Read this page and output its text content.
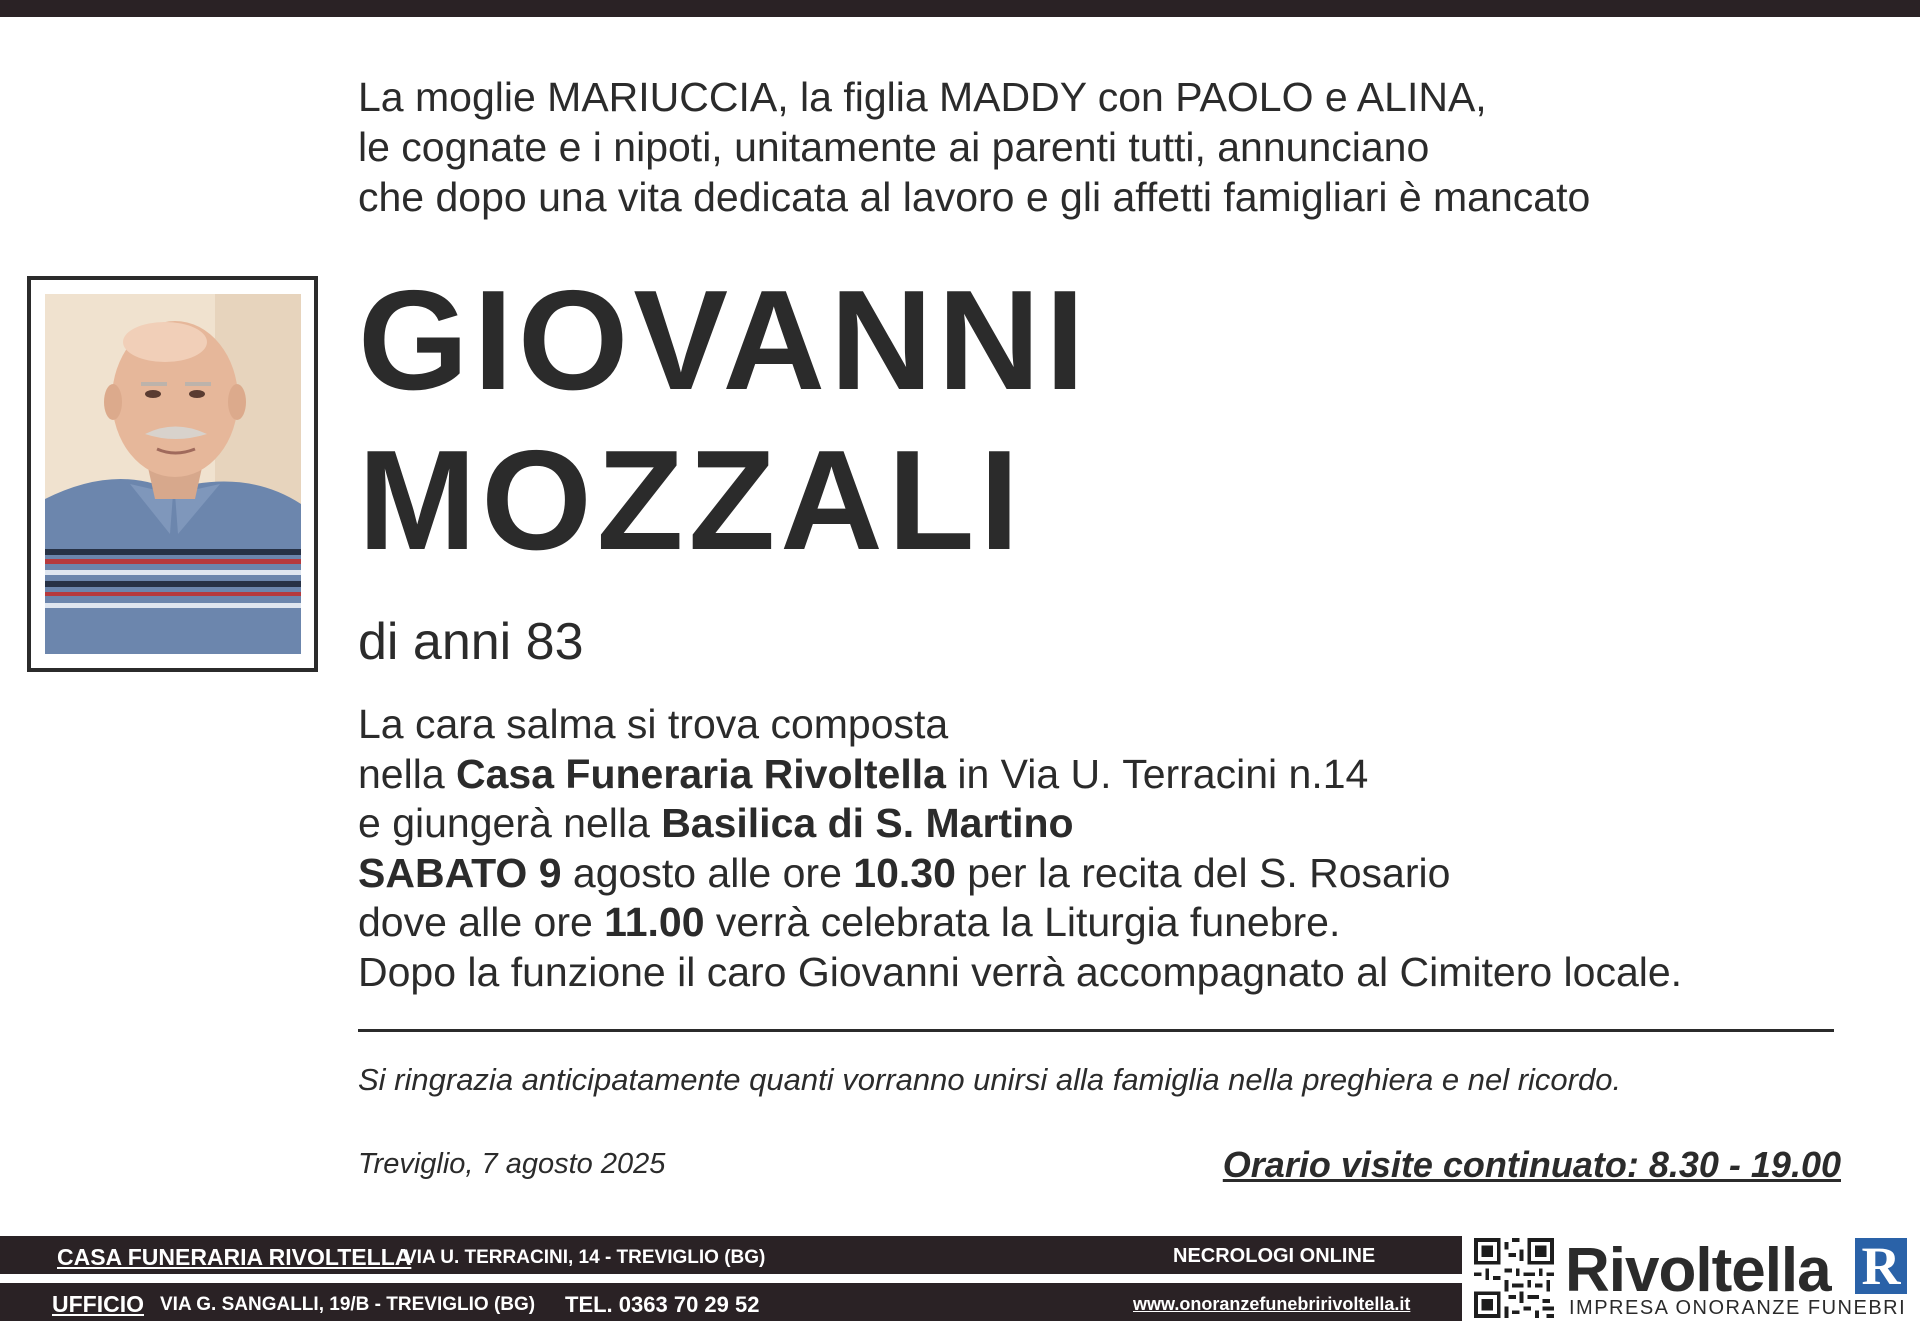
La moglie MARIUCCIA, la figlia MADDY con PAOLO e ALINA,
le cognate e i nipoti, unitamente ai parenti tutti, annunciano
che dopo una vita dedicata al lavoro e gli affetti famigliari è mancato
GIOVANNI
MOZZALI
di anni 83
La cara salma si trova composta
nella Casa Funeraria Rivoltella in Via U. Terracini n.14
e giungerà nella Basilica di S. Martino
SABATO 9 agosto alle ore 10.30 per la recita del S. Rosario
dove alle ore 11.00 verrà celebrata la Liturgia funebre.
Dopo la funzione il caro Giovanni verrà accompagnato al Cimitero locale.
Si ringrazia anticipatamente quanti vorranno unirsi alla famiglia nella preghiera e nel ricordo.
Treviglio, 7 agosto 2025	Orario visite continuato: 8.30 - 19.00
CASA FUNERARIA RIVOLTELLA
VIA U. TERRACINI, 14 - TREVIGLIO (BG)	NECROLOGI ONLINE
UFFICIO VIA G. SANGALLI, 19/B - TREVIGLIO (BG) TEL. 0363 70 29 52	www.onoranzefunebririvoltella.it Rivoltella R
IMPRESA ONORANZE FUNEBRI
